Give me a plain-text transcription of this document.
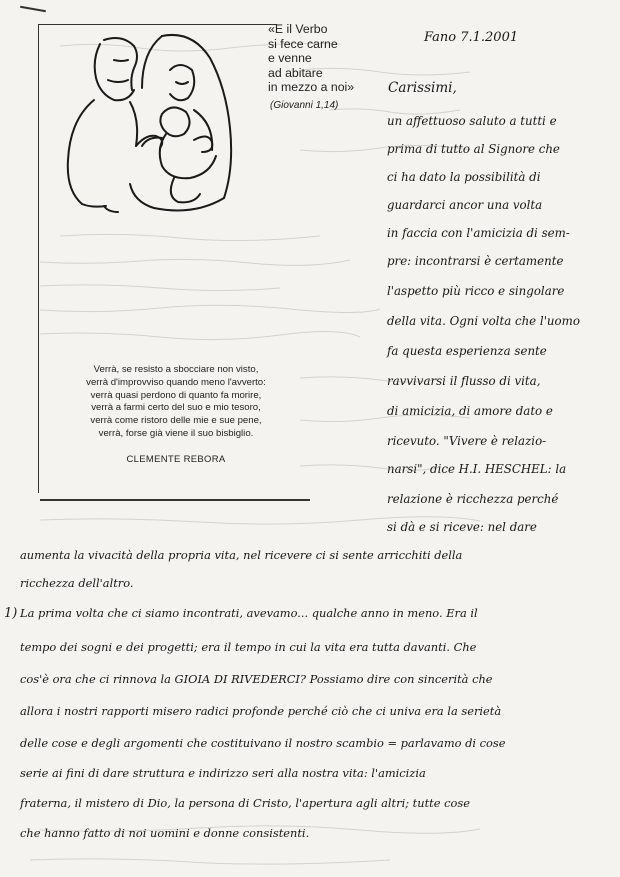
«E il Verbo
si fece carne
e venne
ad abitare
in mezzo a noi»
(Giovanni 1,14)
Verrà, se resisto a sbocciare non visto,
verrà d'improvviso quando meno l'avverto:
verrà quasi perdono di quanto fa morire,
verrà a farmi certo del suo e mio tesoro,
verrà come ristoro delle mie e sue pene,
verrà, forse già viene il suo bisbiglio.
CLEMENTE REBORA
Fano 7.1.2001
Carissimi,
un affettuoso saluto a tutti e
prima di tutto al Signore che
ci ha dato la possibilità di
guardarci ancor una volta
in faccia con l'amicizia di sem-
pre: incontrarsi è certamente
l'aspetto più ricco e singolare
della vita. Ogni volta che l'uomo
fa questa esperienza sente
ravvivarsi il flusso di vita,
di amicizia, di amore dato e
ricevuto. "Vivere è relazio-
narsi", dice H.I. HESCHEL: la
relazione è ricchezza perché
si dà e si riceve: nel dare
aumenta la vivacità della propria vita, nel ricevere ci si sente arricchiti della
ricchezza dell'altro.
1) La prima volta che ci siamo incontrati, avevamo... qualche anno in meno. Era il
tempo dei sogni e dei progetti; era il tempo in cui la vita era tutta davanti. Che
cos'è ora che ci rinnova la GIOIA DI RIVEDERCI? Possiamo dire con sincerità che
allora i nostri rapporti misero radici profonde perché ciò che ci univa era la serietà
delle cose e degli argomenti che costituivano il nostro scambio = parlavamo di cose
serie ai fini di dare struttura e indirizzo seri alla nostra vita: l'amicizia
fraterna, il mistero di Dio, la persona di Cristo, l'apertura agli altri; tutte cose
che hanno fatto di noi uomini e donne consistenti.
